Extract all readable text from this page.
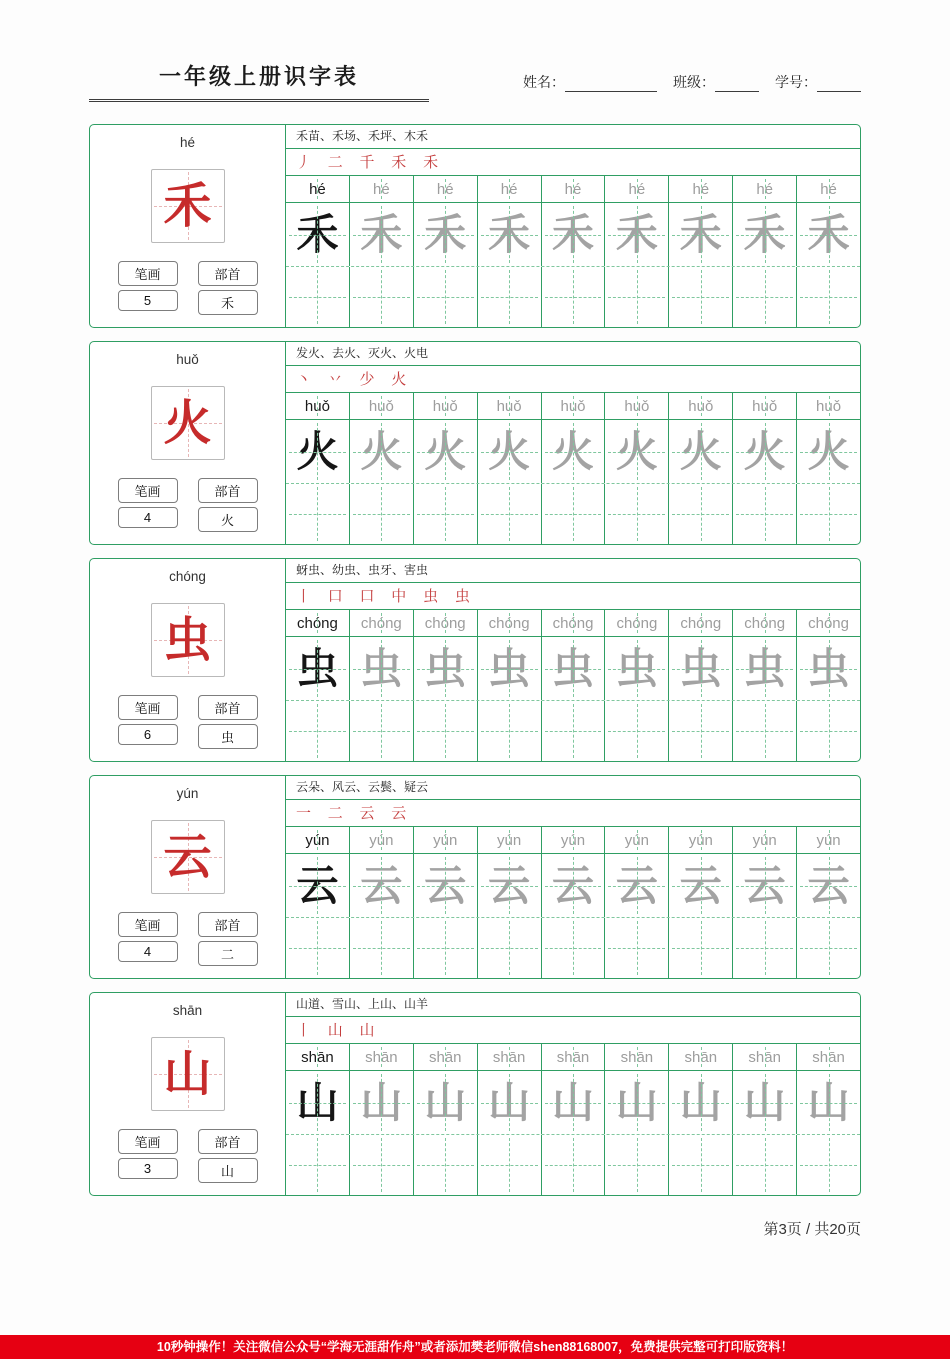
一年级上册识字表	姓名：	班级：	学号：
hé
禾
笔画
5
部首
禾
禾苗、禾场、禾坪、木禾
丿 二 千 禾 禾
hé	hé	hé	hé	hé	hé	hé	hé	hé
禾 禾 禾 禾 禾 禾 禾 禾 禾
huǒ
火
笔画
4
部首
火
发火、去火、灭火、火电
丶 丷 少 火
huǒ	huǒ	huǒ	huǒ	huǒ	huǒ	huǒ	huǒ	huǒ
火 火 火 火 火 火 火 火 火
chóng
虫
笔画
6
部首
虫
蚜虫、幼虫、虫牙、害虫
丨 口 口 中 虫 虫
chóng	chóng	chóng	chóng	chóng	chóng	chóng	chóng	chóng
虫 虫 虫 虫 虫 虫 虫 虫 虫
yún
云
笔画
4
部首
二
云朵、风云、云鬓、疑云
一 二 云 云
yún	yún	yún	yún	yún	yún	yún	yún	yún
云 云 云 云 云 云 云 云 云
shān
山
笔画
3
部首
山
山道、雪山、上山、山羊
丨 山 山
shān	shān	shān	shān	shān	shān	shān	shān	shān
山 山 山 山 山 山 山 山 山
第3页 / 共20页
10秒钟操作！关注微信公众号“学海无涯甜作舟”或者添加樊老师微信shen88168007，免费提供完整可打印版资料！
